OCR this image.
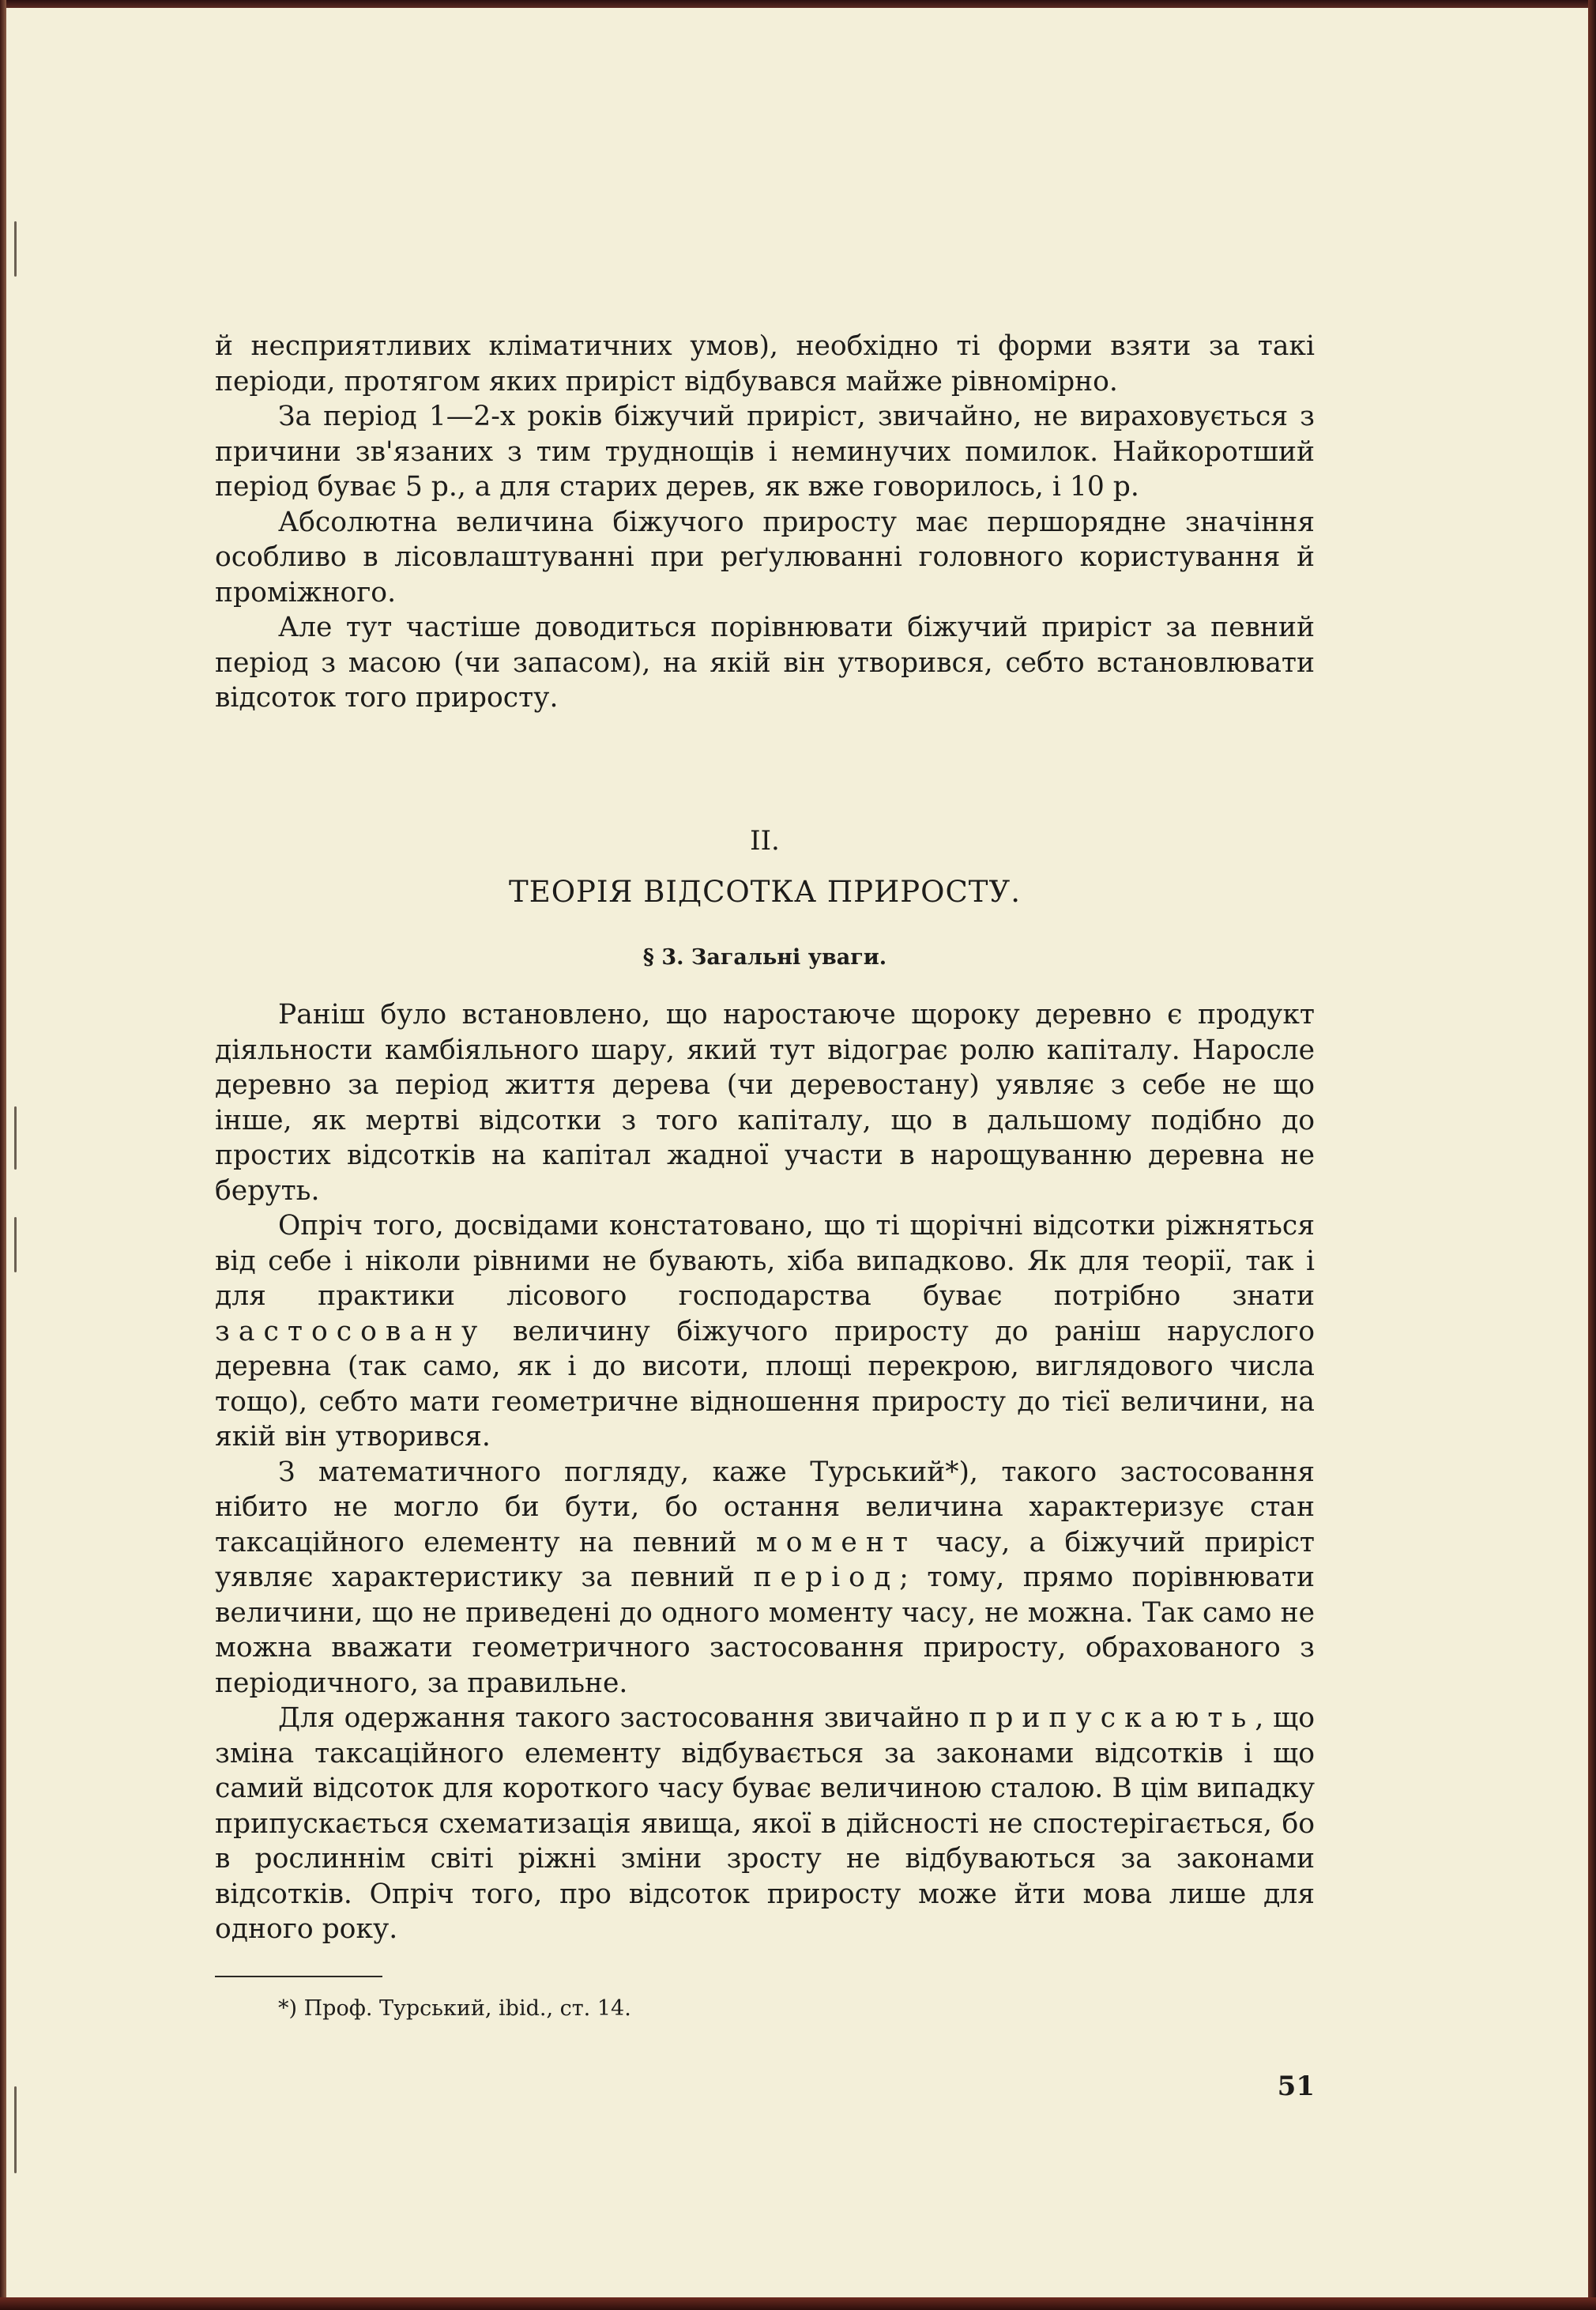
й несприятливих кліматичних умов), необхідно ті форми взяти за такі періоди, протягом яких приріст відбувався майже рівномірно.

За період 1—2-х років біжучий приріст, звичайно, не вираховується з причини зв'язаних з тим труднощів і неминучих помилок. Найкоротший період буває 5 р., а для старих дерев, як вже говорилось, і 10 р.

Абсолютна величина біжучого приросту має першорядне значіння особливо в лісовлаштуванні при реґулюванні головного користування й проміжного.

Але тут частіше доводиться порівнювати біжучий приріст за певний період з масою (чи запасом), на якій він утворився, себто встановлювати відсоток того приросту.

II.
ТЕОРІЯ ВІДСОТКА ПРИРОСТУ.
§ 3. Загальні уваги.

Раніш було встановлено, що наростаюче щороку деревно є продукт діяльности камбіяльного шару, який тут відограє ролю капіталу. Наросле деревно за період життя дерева (чи деревостану) уявляє з себе не що інше, як мертві відсотки з того капіталу, що в дальшому подібно до простих відсотків на капітал жадної участи в нарощуванню деревна не беруть.

Опріч того, досвідами констатовано, що ті щорічні відсотки ріжняться від себе і ніколи рівними не бувають, хіба випадково. Як для теорії, так і для практики лісового господарства буває потрібно знати застосовану величину біжучого приросту до раніш наруслого деревна (так само, як і до висоти, площі перекрою, виглядового числа тощо), себто мати геометричне відношення приросту до тієї величини, на якій він утворився.

З математичного погляду, каже Турський*), такого застосовання нібито не могло би бути, бо остання величина характеризує стан таксаційного елементу на певний момент часу, а біжучий приріст уявляє характеристику за певний період; тому, прямо порівнювати величини, що не приведені до одного моменту часу, не можна. Так само не можна вважати геометричного застосовання приросту, обрахованого з періодичного, за правильне.

Для одержання такого застосовання звичайно припускають, що зміна таксаційного елементу відбувається за законами відсотків і що самий відсоток для короткого часу буває величиною сталою. В цім випадку припускається схематизація явища, якої в дійсності не спостерігається, бо в рослиннім світі ріжні зміни зросту не відбуваються за законами відсотків. Опріч того, про відсоток приросту може йти мова лише для одного року.

*) Проф. Турський, ibid., ст. 14.
51
